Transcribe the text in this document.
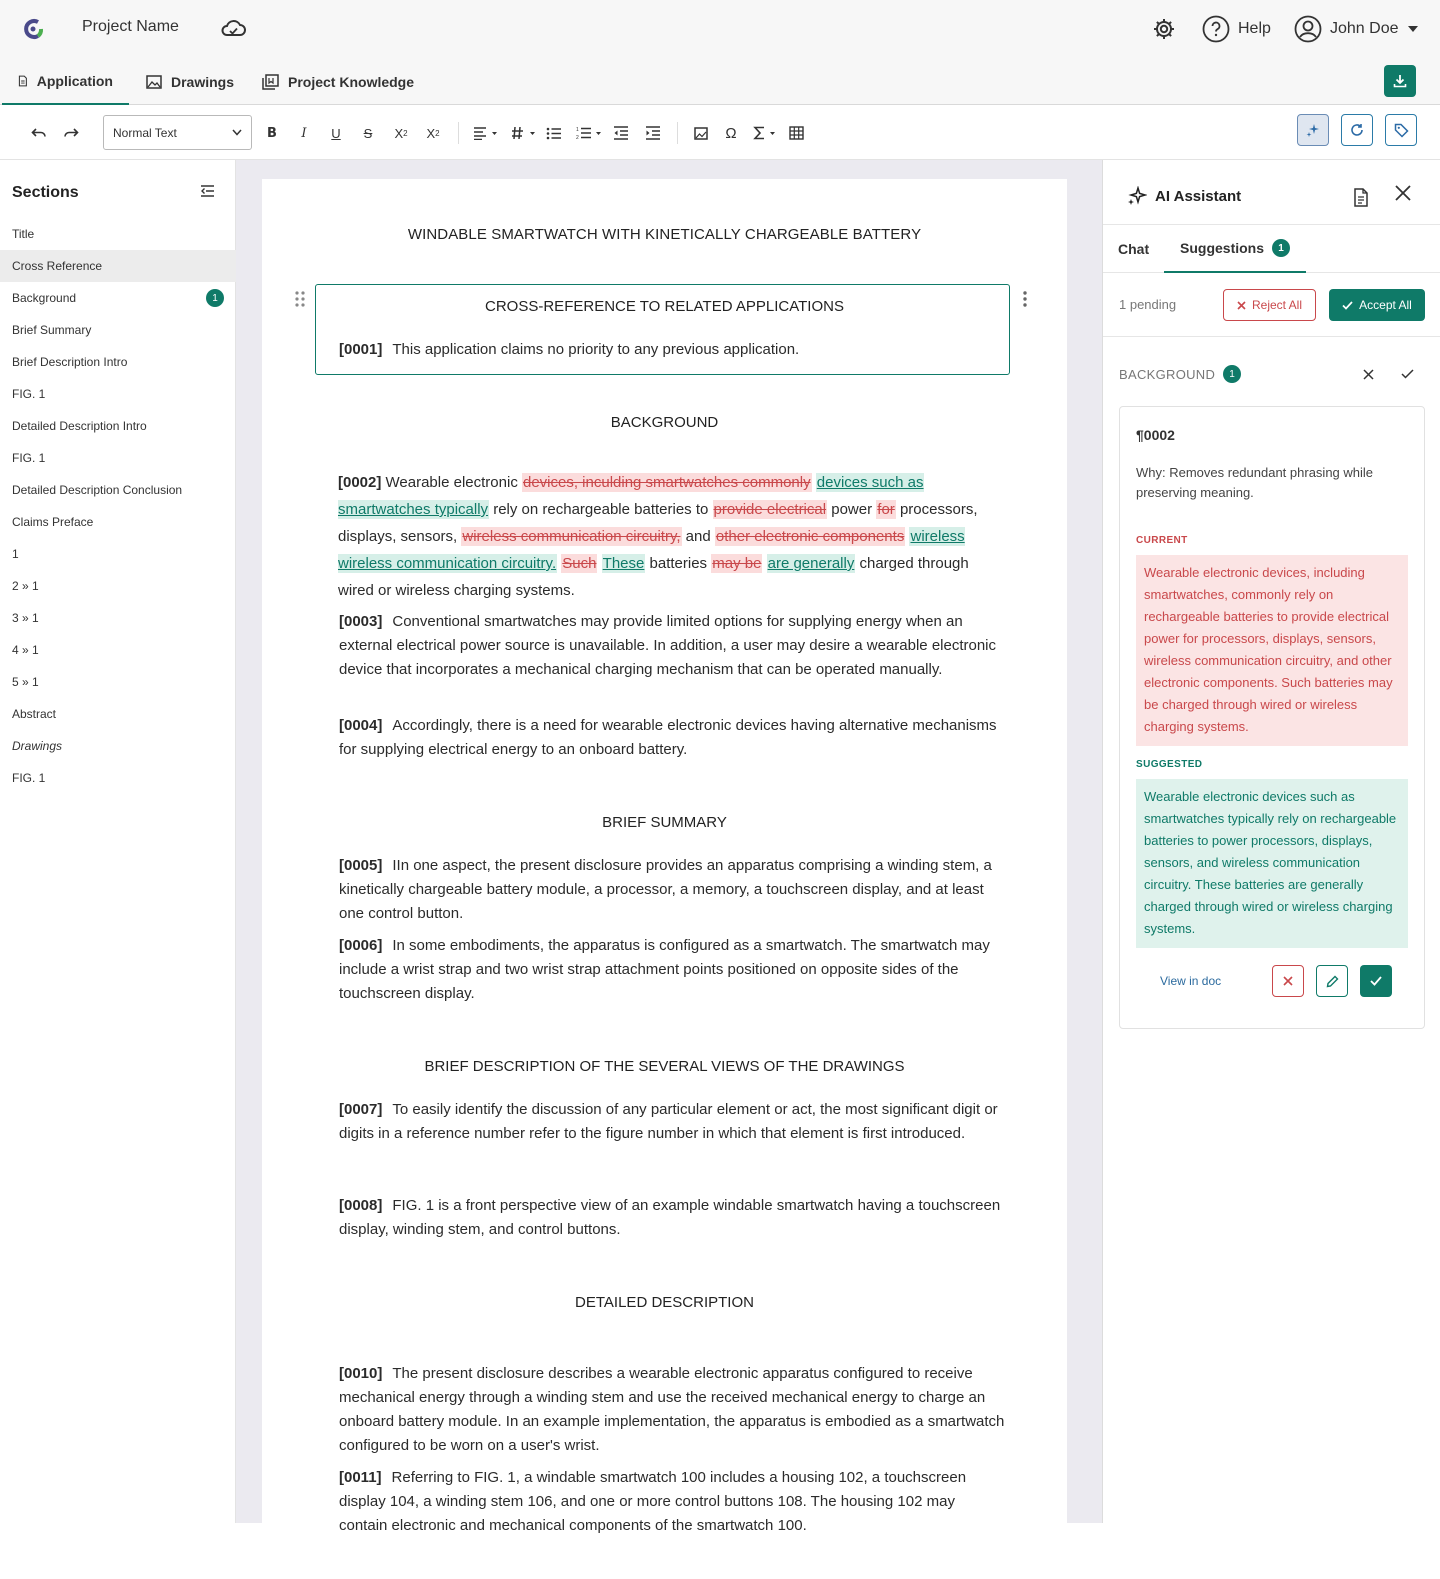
Project Name	Help	John Doe
Application	Drawings	Project Knowledge
Normal Text	B	I	U	S	X 2	X 2	1
2	Ω
Sections
Title
Cross Reference
Background	1
Brief Summary
Brief Description Intro
FIG. 1
Detailed Description Intro
FIG. 1
Detailed Description Conclusion
Claims Preface
1
2 » 1
3 » 1
4 » 1
5 » 1
Abstract
Drawings
FIG. 1
WINDABLE SMARTWATCH WITH KINETICALLY CHARGEABLE BATTERY
CROSS-REFERENCE TO RELATED APPLICATIONS
[0001] This application claims no priority to any previous application.
BACKGROUND
[0002] Wearable electronic devices, inculding smartwatches commonly devices such as smartwatches typically rely on rechargeable batteries to provide electrical power for processors, displays, sensors, wireless communication circuitry, and other electronic components wireless wireless communication circuitry. Such These batteries may be are generally charged through wired or wireless charging systems.
[0003] Conventional smartwatches may provide limited options for supplying energy when an external electrical power source is unavailable. In addition, a user may desire a wearable electronic device that incorporates a mechanical charging mechanism that can be operated manually.
[0004] Accordingly, there is a need for wearable electronic devices having alternative mechanisms for supplying electrical energy to an onboard battery.
BRIEF SUMMARY
[0005] IIn one aspect, the present disclosure provides an apparatus comprising a winding stem, a kinetically chargeable battery module, a processor, a memory, a touchscreen display, and at least one control button.
[0006] In some embodiments, the apparatus is configured as a smartwatch. The smartwatch may include a wrist strap and two wrist strap attachment points positioned on opposite sides of the touchscreen display.
BRIEF DESCRIPTION OF THE SEVERAL VIEWS OF THE DRAWINGS
[0007] To easily identify the discussion of any particular element or act, the most significant digit or digits in a reference number refer to the figure number in which that element is first introduced.
[0008] FIG. 1 is a front perspective view of an example windable smartwatch having a touchscreen display, winding stem, and control buttons.
DETAILED DESCRIPTION
[0010] The present disclosure describes a wearable electronic apparatus configured to receive mechanical energy through a winding stem and use the received mechanical energy to charge an onboard battery module. In an example implementation, the apparatus is embodied as a smartwatch configured to be worn on a user's wrist.
[0011] Referring to FIG. 1, a windable smartwatch 100 includes a housing 102, a touchscreen display 104, a winding stem 106, and one or more control buttons 108. The housing 102 may contain electronic and mechanical components of the smartwatch 100.
AI Assistant
Chat Suggestions	1
1 pending	Reject All	Accept All
BACKGROUND	1
¶0002
Why: Removes redundant phrasing while preserving meaning.
CURRENT
Wearable electronic devices, including smartwatches, commonly rely on rechargeable batteries to provide electrical power for processors, displays, sensors, wireless communication circuitry, and other electronic components. Such batteries may be charged through wired or wireless charging systems.
SUGGESTED
Wearable electronic devices such as smartwatches typically rely on rechargeable batteries to power processors, displays, sensors, and wireless communication circuitry. These batteries are generally charged through wired or wireless charging systems.
View in doc
